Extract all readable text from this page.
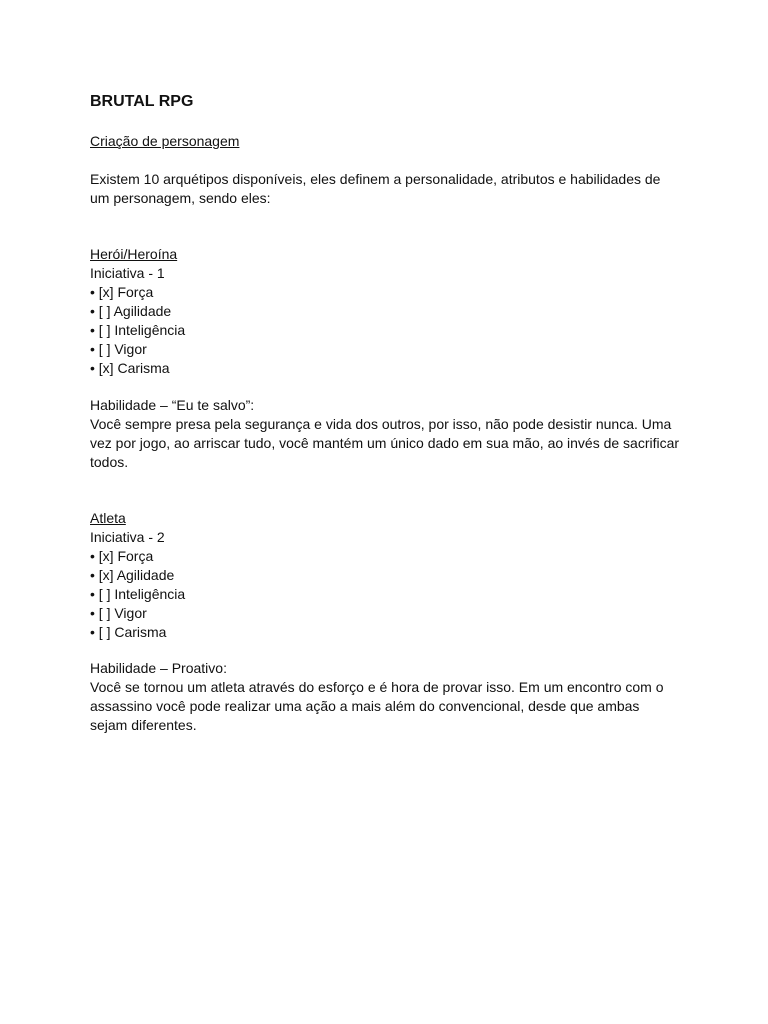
BRUTAL RPG
Criação de personagem
Existem 10 arquétipos disponíveis, eles definem a personalidade, atributos e habilidades de um personagem, sendo eles:
Herói/Heroína
Iniciativa - 1
• [x] Força
• [ ] Agilidade
• [ ] Inteligência
• [ ] Vigor
• [x] Carisma
Habilidade – “Eu te salvo”:
Você sempre presa pela segurança e vida dos outros, por isso, não pode desistir nunca. Uma vez por jogo, ao arriscar tudo, você mantém um único dado em sua mão, ao invés de sacrificar todos.
Atleta
Iniciativa - 2
• [x] Força
• [x] Agilidade
• [ ] Inteligência
• [ ] Vigor
• [ ] Carisma
Habilidade – Proativo:
Você se tornou um atleta através do esforço e é hora de provar isso. Em um encontro com o assassino você pode realizar uma ação a mais além do convencional, desde que ambas sejam diferentes.
